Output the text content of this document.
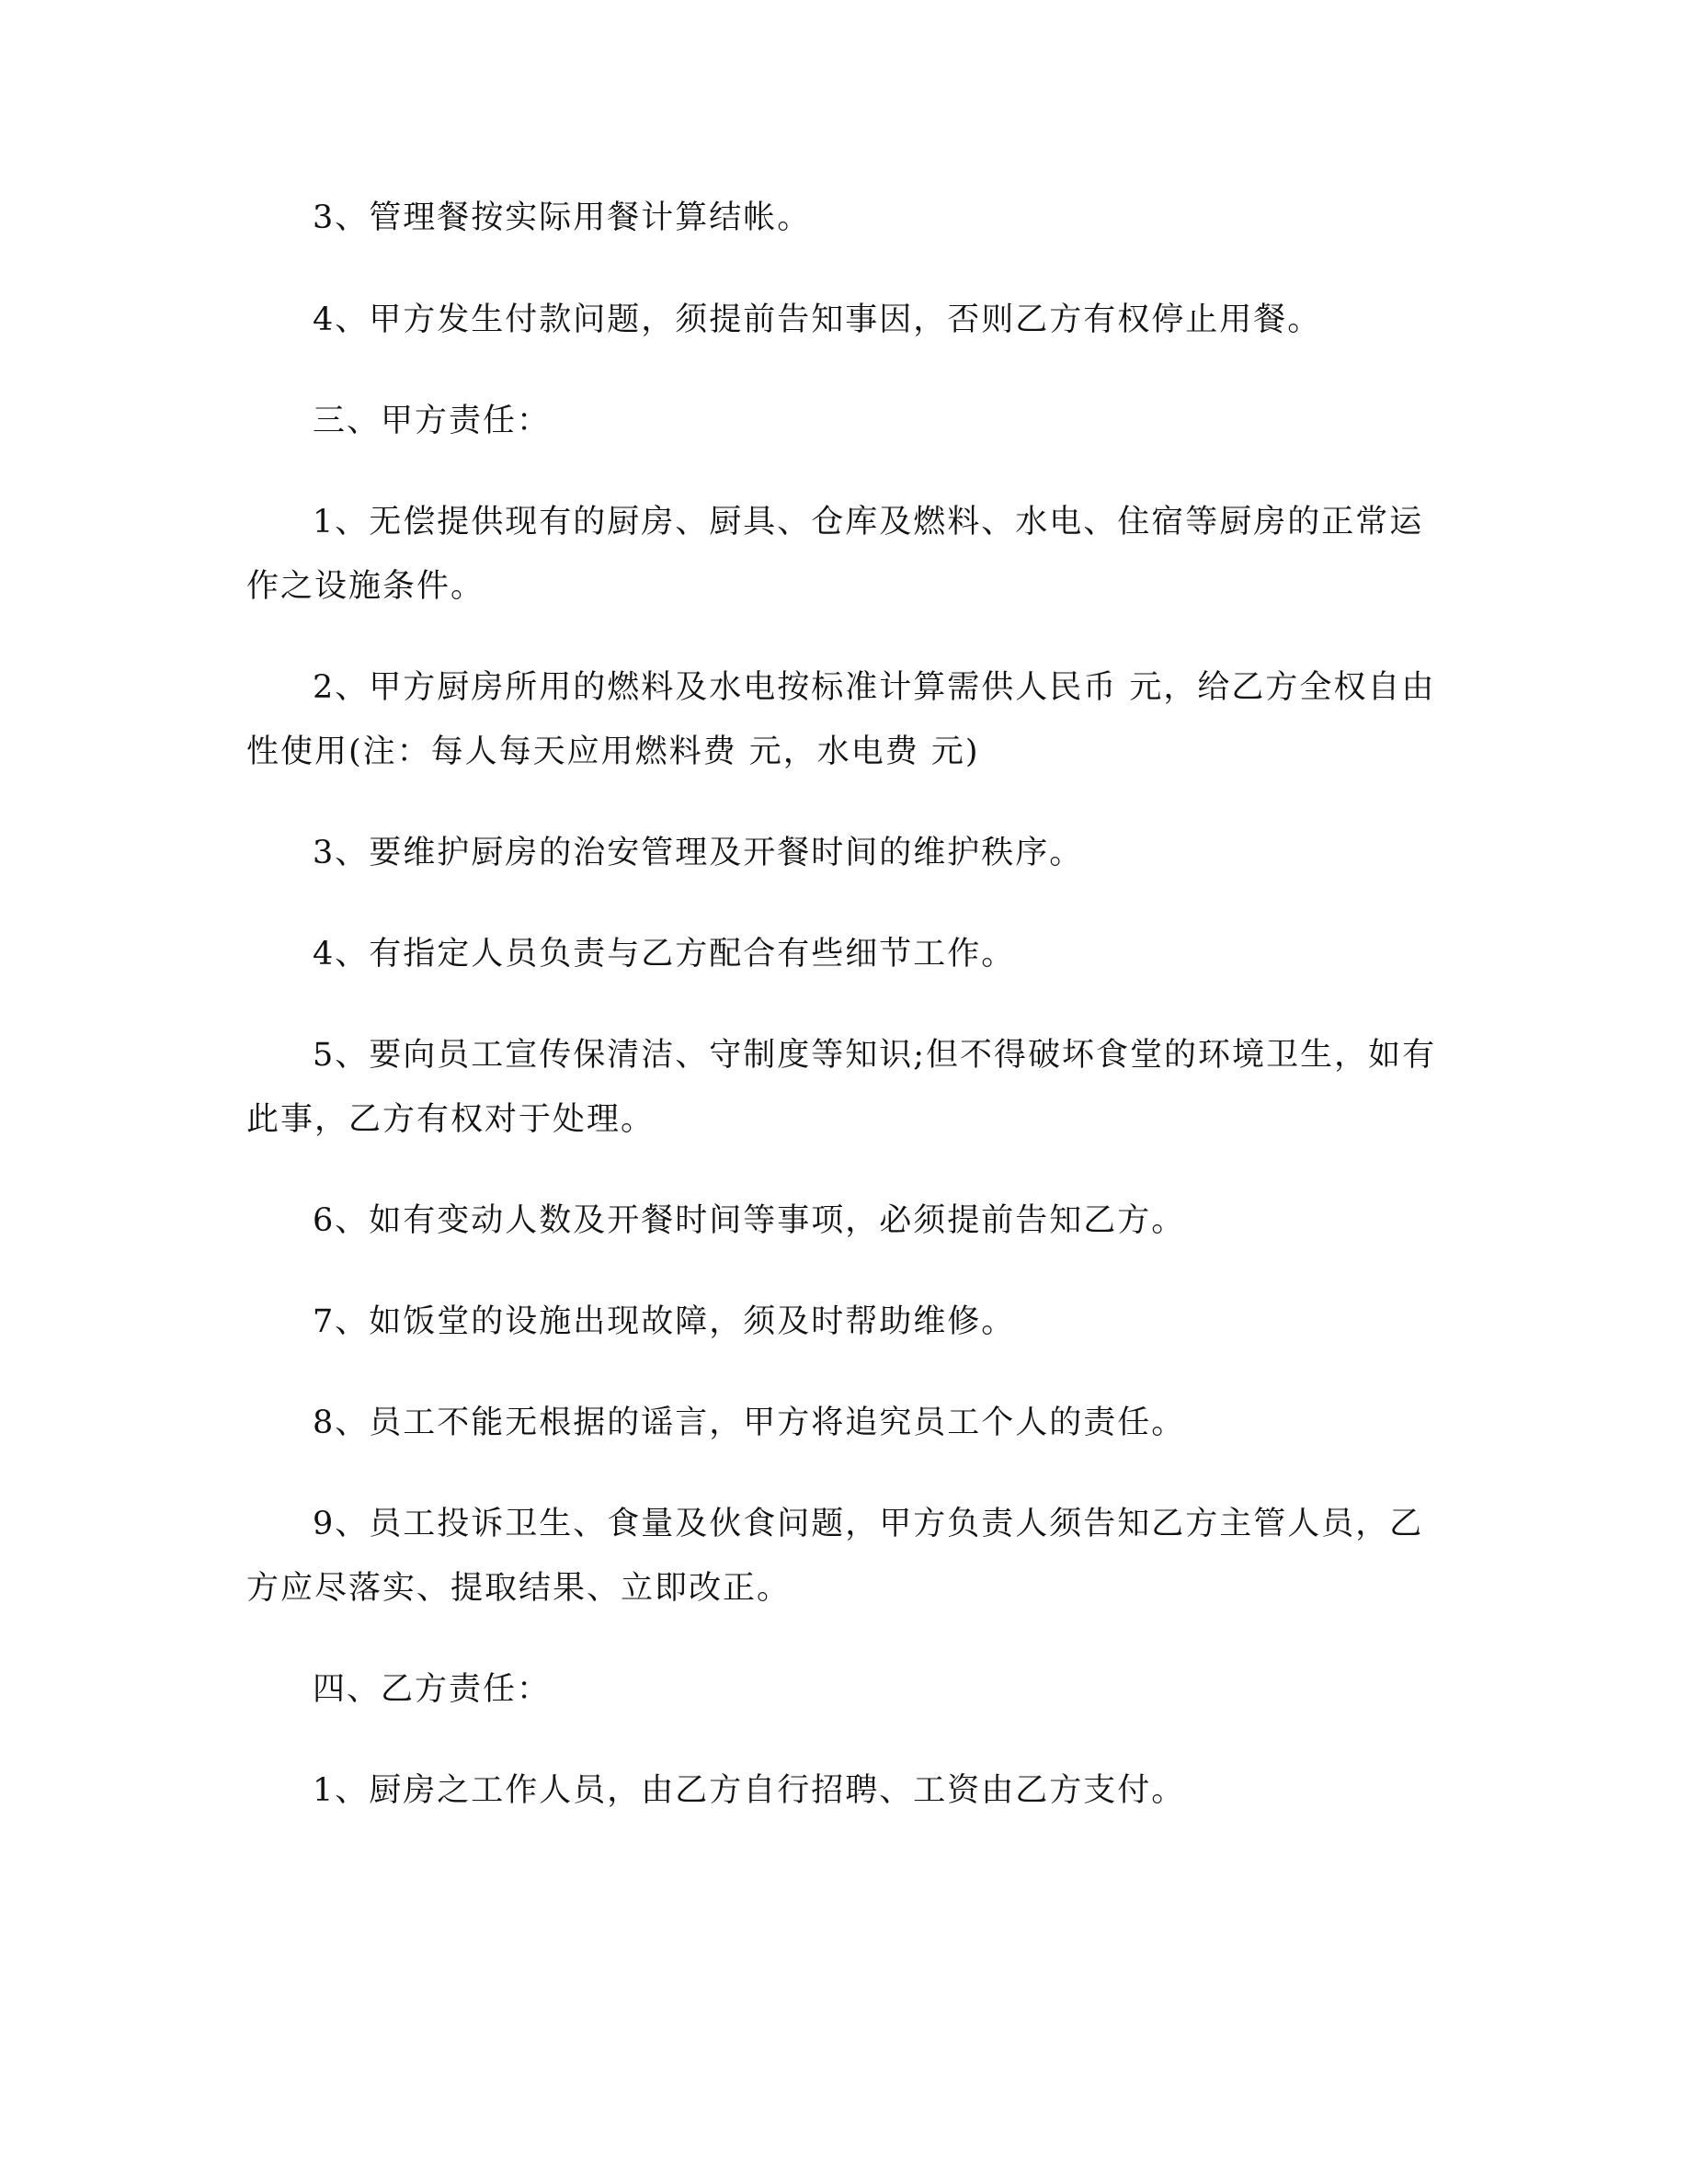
3、管理餐按实际用餐计算结帐。

4、甲方发生付款问题，须提前告知事因，否则乙方有权停止用餐。

三、甲方责任：

1、无偿提供现有的厨房、厨具、仓库及燃料、水电、住宿等厨房的正常运作之设施条件。

2、甲方厨房所用的燃料及水电按标准计算需供人民币 元，给乙方全权自由性使用(注：每人每天应用燃料费 元，水电费 元)

3、要维护厨房的治安管理及开餐时间的维护秩序。

4、有指定人员负责与乙方配合有些细节工作。

5、要向员工宣传保清洁、守制度等知识;但不得破坏食堂的环境卫生，如有此事，乙方有权对于处理。

6、如有变动人数及开餐时间等事项，必须提前告知乙方。

7、如饭堂的设施出现故障，须及时帮助维修。

8、员工不能无根据的谣言，甲方将追究员工个人的责任。

9、员工投诉卫生、食量及伙食问题，甲方负责人须告知乙方主管人员，乙方应尽落实、提取结果、立即改正。

四、乙方责任：

1、厨房之工作人员，由乙方自行招聘、工资由乙方支付。
